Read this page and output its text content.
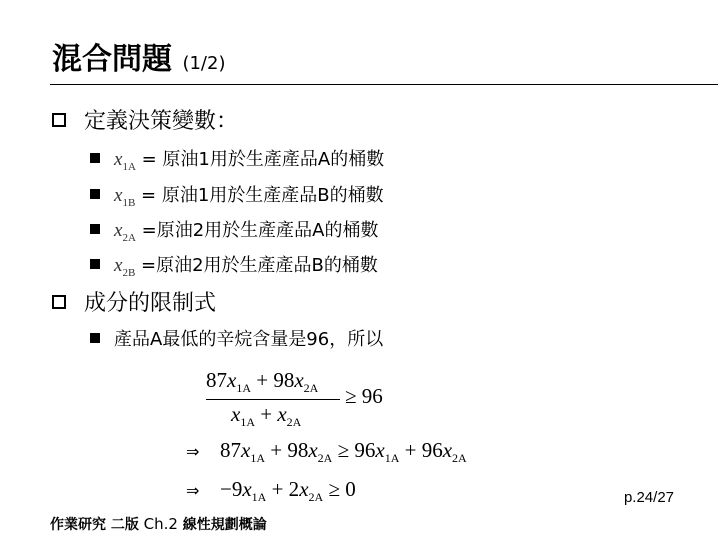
混合問題 (1/2)
定義決策變數：
$x_{1A}$ = 原油1用於生產產品A的桶數
$x_{1B}$ = 原油1用於生產產品B的桶數
$x_{2A}$ =原油2用於生產產品A的桶數
$x_{2B}$ =原油2用於生產產品B的桶數
成分的限制式
產品A最低的辛烷含量是96，所以
$87x_{1A} + 98x_{2A}$
$x_{1A} + x_{2A}$
≥ 96
⇒ $87x_{1A} + 98x_{2A} \ge 96x_{1A} + 96x_{2A}$
⇒ $-9x_{1A} + 2x_{2A} \ge 0$	p.24/27
作業研究 二版 Ch.2 線性規劃概論
